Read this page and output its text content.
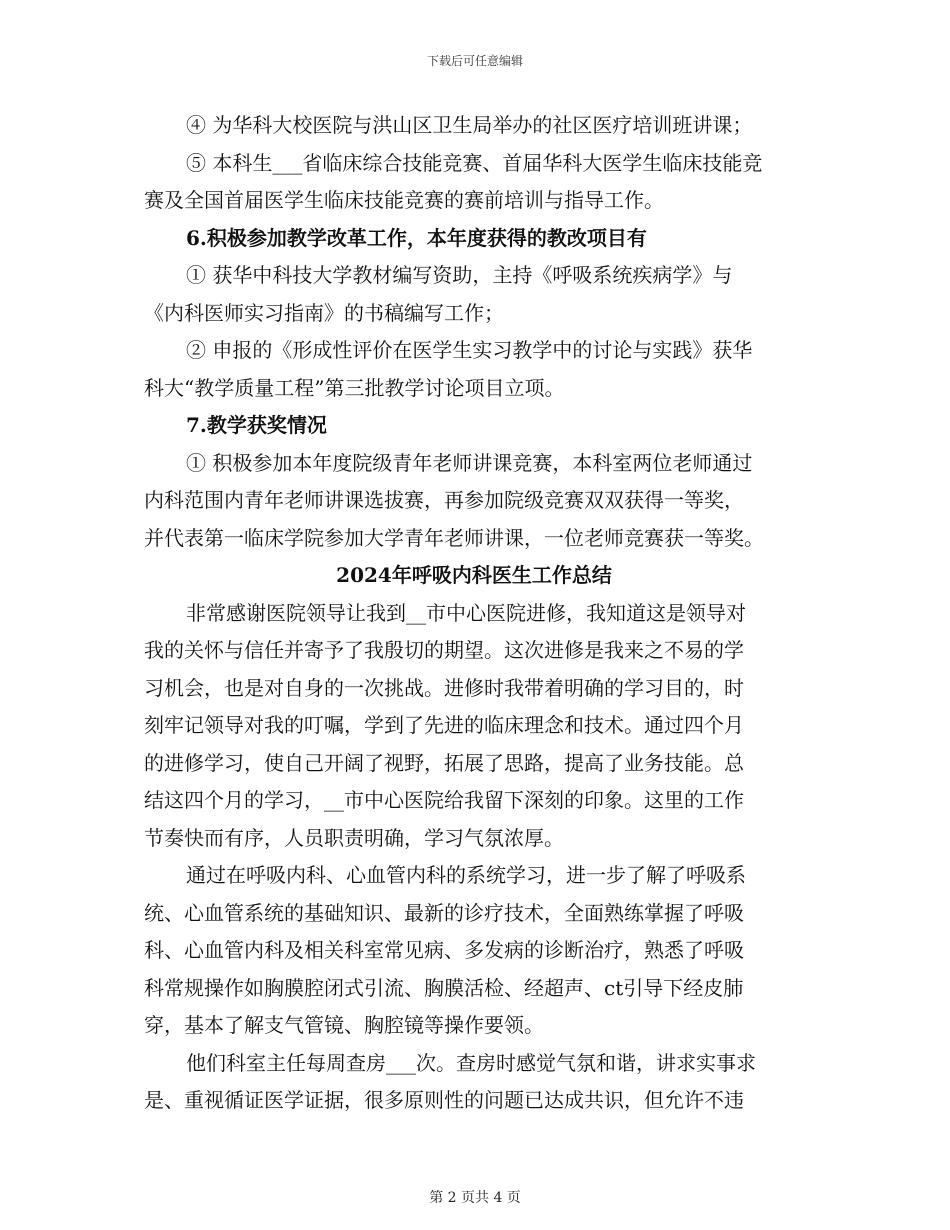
下载后可任意编辑
④ 为华科大校医院与洪山区卫生局举办的社区医疗培训班讲课；
⑤ 本科生___省临床综合技能竞赛、首届华科大医学生临床技能竞
赛及全国首届医学生临床技能竞赛的赛前培训与指导工作。
6.积极参加教学改革工作，本年度获得的教改项目有
① 获华中科技大学教材编写资助，主持《呼吸系统疾病学》与
《内科医师实习指南》的书稿编写工作；
② 申报的《形成性评价在医学生实习教学中的讨论与实践》获华
科大“教学质量工程”第三批教学讨论项目立项。
7.教学获奖情况
① 积极参加本年度院级青年老师讲课竞赛，本科室两位老师通过
内科范围内青年老师讲课选拔赛，再参加院级竞赛双双获得一等奖，
并代表第一临床学院参加大学青年老师讲课，一位老师竞赛获一等奖。
2024年呼吸内科医生工作总结
非常感谢医院领导让我到__市中心医院进修，我知道这是领导对
我的关怀与信任并寄予了我殷切的期望。这次进修是我来之不易的学
习机会，也是对自身的一次挑战。进修时我带着明确的学习目的，时
刻牢记领导对我的叮嘱，学到了先进的临床理念和技术。通过四个月
的进修学习，使自己开阔了视野，拓展了思路，提高了业务技能。总
结这四个月的学习，__市中心医院给我留下深刻的印象。这里的工作
节奏快而有序，人员职责明确，学习气氛浓厚。
通过在呼吸内科、心血管内科的系统学习，进一步了解了呼吸系
统、心血管系统的基础知识、最新的诊疗技术，全面熟练掌握了呼吸
科、心血管内科及相关科室常见病、多发病的诊断治疗，熟悉了呼吸
科常规操作如胸膜腔闭式引流、胸膜活检、经超声、ct引导下经皮肺
穿，基本了解支气管镜、胸腔镜等操作要领。
他们科室主任每周查房___次。查房时感觉气氛和谐，讲求实事求
是、重视循证医学证据，很多原则性的问题已达成共识，但允许不违
第 2 页共 4 页
